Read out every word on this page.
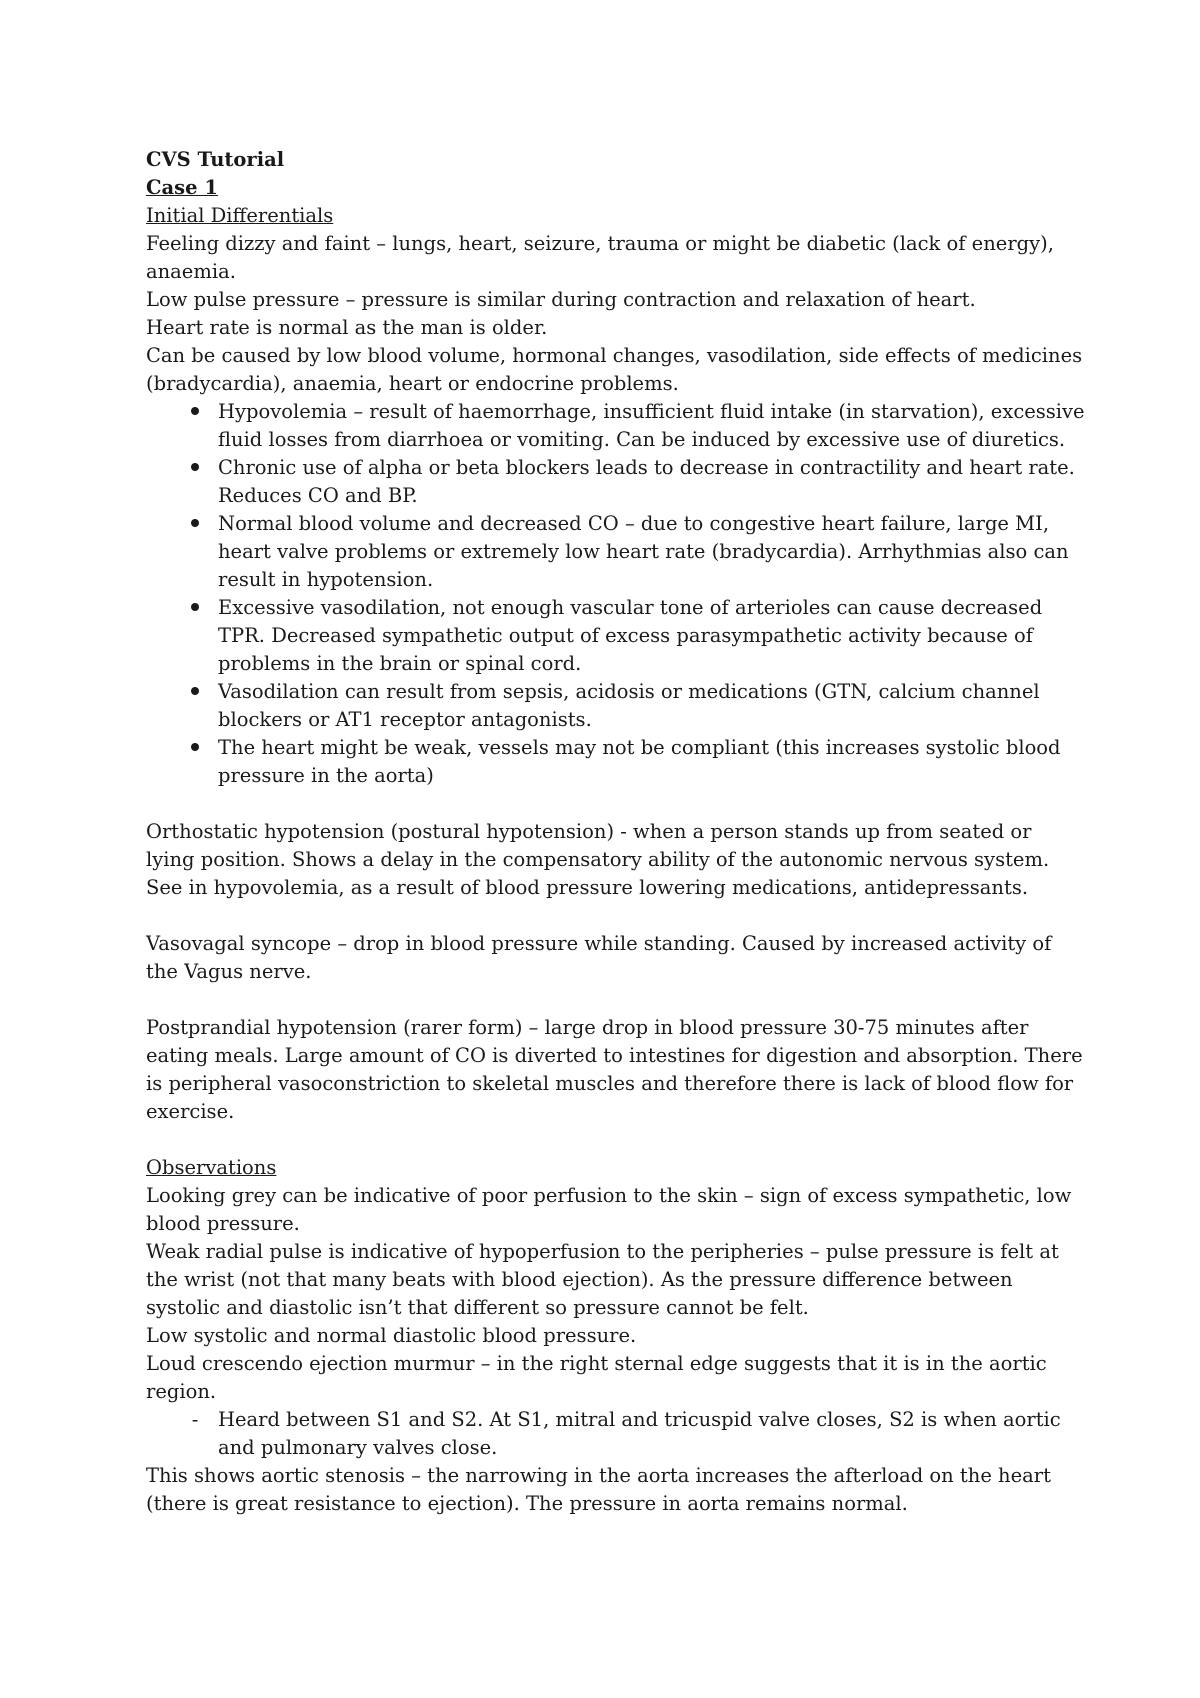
CVS Tutorial

Case 1

Initial Differentials

Feeling dizzy and faint – lungs, heart, seizure, trauma or might be diabetic (lack of energy), anaemia.

Low pulse pressure – pressure is similar during contraction and relaxation of heart.

Heart rate is normal as the man is older.

Can be caused by low blood volume, hormonal changes, vasodilation, side effects of medicines (bradycardia), anaemia, heart or endocrine problems.

Hypovolemia – result of haemorrhage, insufficient fluid intake (in starvation), excessive fluid losses from diarrhoea or vomiting. Can be induced by excessive use of diuretics.
Chronic use of alpha or beta blockers leads to decrease in contractility and heart rate. Reduces CO and BP.
Normal blood volume and decreased CO – due to congestive heart failure, large MI, heart valve problems or extremely low heart rate (bradycardia). Arrhythmias also can result in hypotension.
Excessive vasodilation, not enough vascular tone of arterioles can cause decreased TPR. Decreased sympathetic output of excess parasympathetic activity because of problems in the brain or spinal cord.
Vasodilation can result from sepsis, acidosis or medications (GTN, calcium channel blockers or AT1 receptor antagonists.
The heart might be weak, vessels may not be compliant (this increases systolic blood pressure in the aorta)

Orthostatic hypotension (postural hypotension) - when a person stands up from seated or lying position. Shows a delay in the compensatory ability of the autonomic nervous system. See in hypovolemia, as a result of blood pressure lowering medications, antidepressants.

Vasovagal syncope – drop in blood pressure while standing. Caused by increased activity of the Vagus nerve.

Postprandial hypotension (rarer form) – large drop in blood pressure 30-75 minutes after eating meals. Large amount of CO is diverted to intestines for digestion and absorption. There is peripheral vasoconstriction to skeletal muscles and therefore there is lack of blood flow for exercise.

Observations

Looking grey can be indicative of poor perfusion to the skin – sign of excess sympathetic, low blood pressure.

Weak radial pulse is indicative of hypoperfusion to the peripheries – pulse pressure is felt at the wrist (not that many beats with blood ejection). As the pressure difference between systolic and diastolic isn’t that different so pressure cannot be felt.

Low systolic and normal diastolic blood pressure.

Loud crescendo ejection murmur – in the right sternal edge suggests that it is in the aortic region.

-	Heard between S1 and S2. At S1, mitral and tricuspid valve closes, S2 is when aortic and pulmonary valves close.

This shows aortic stenosis – the narrowing in the aorta increases the afterload on the heart (there is great resistance to ejection). The pressure in aorta remains normal.
